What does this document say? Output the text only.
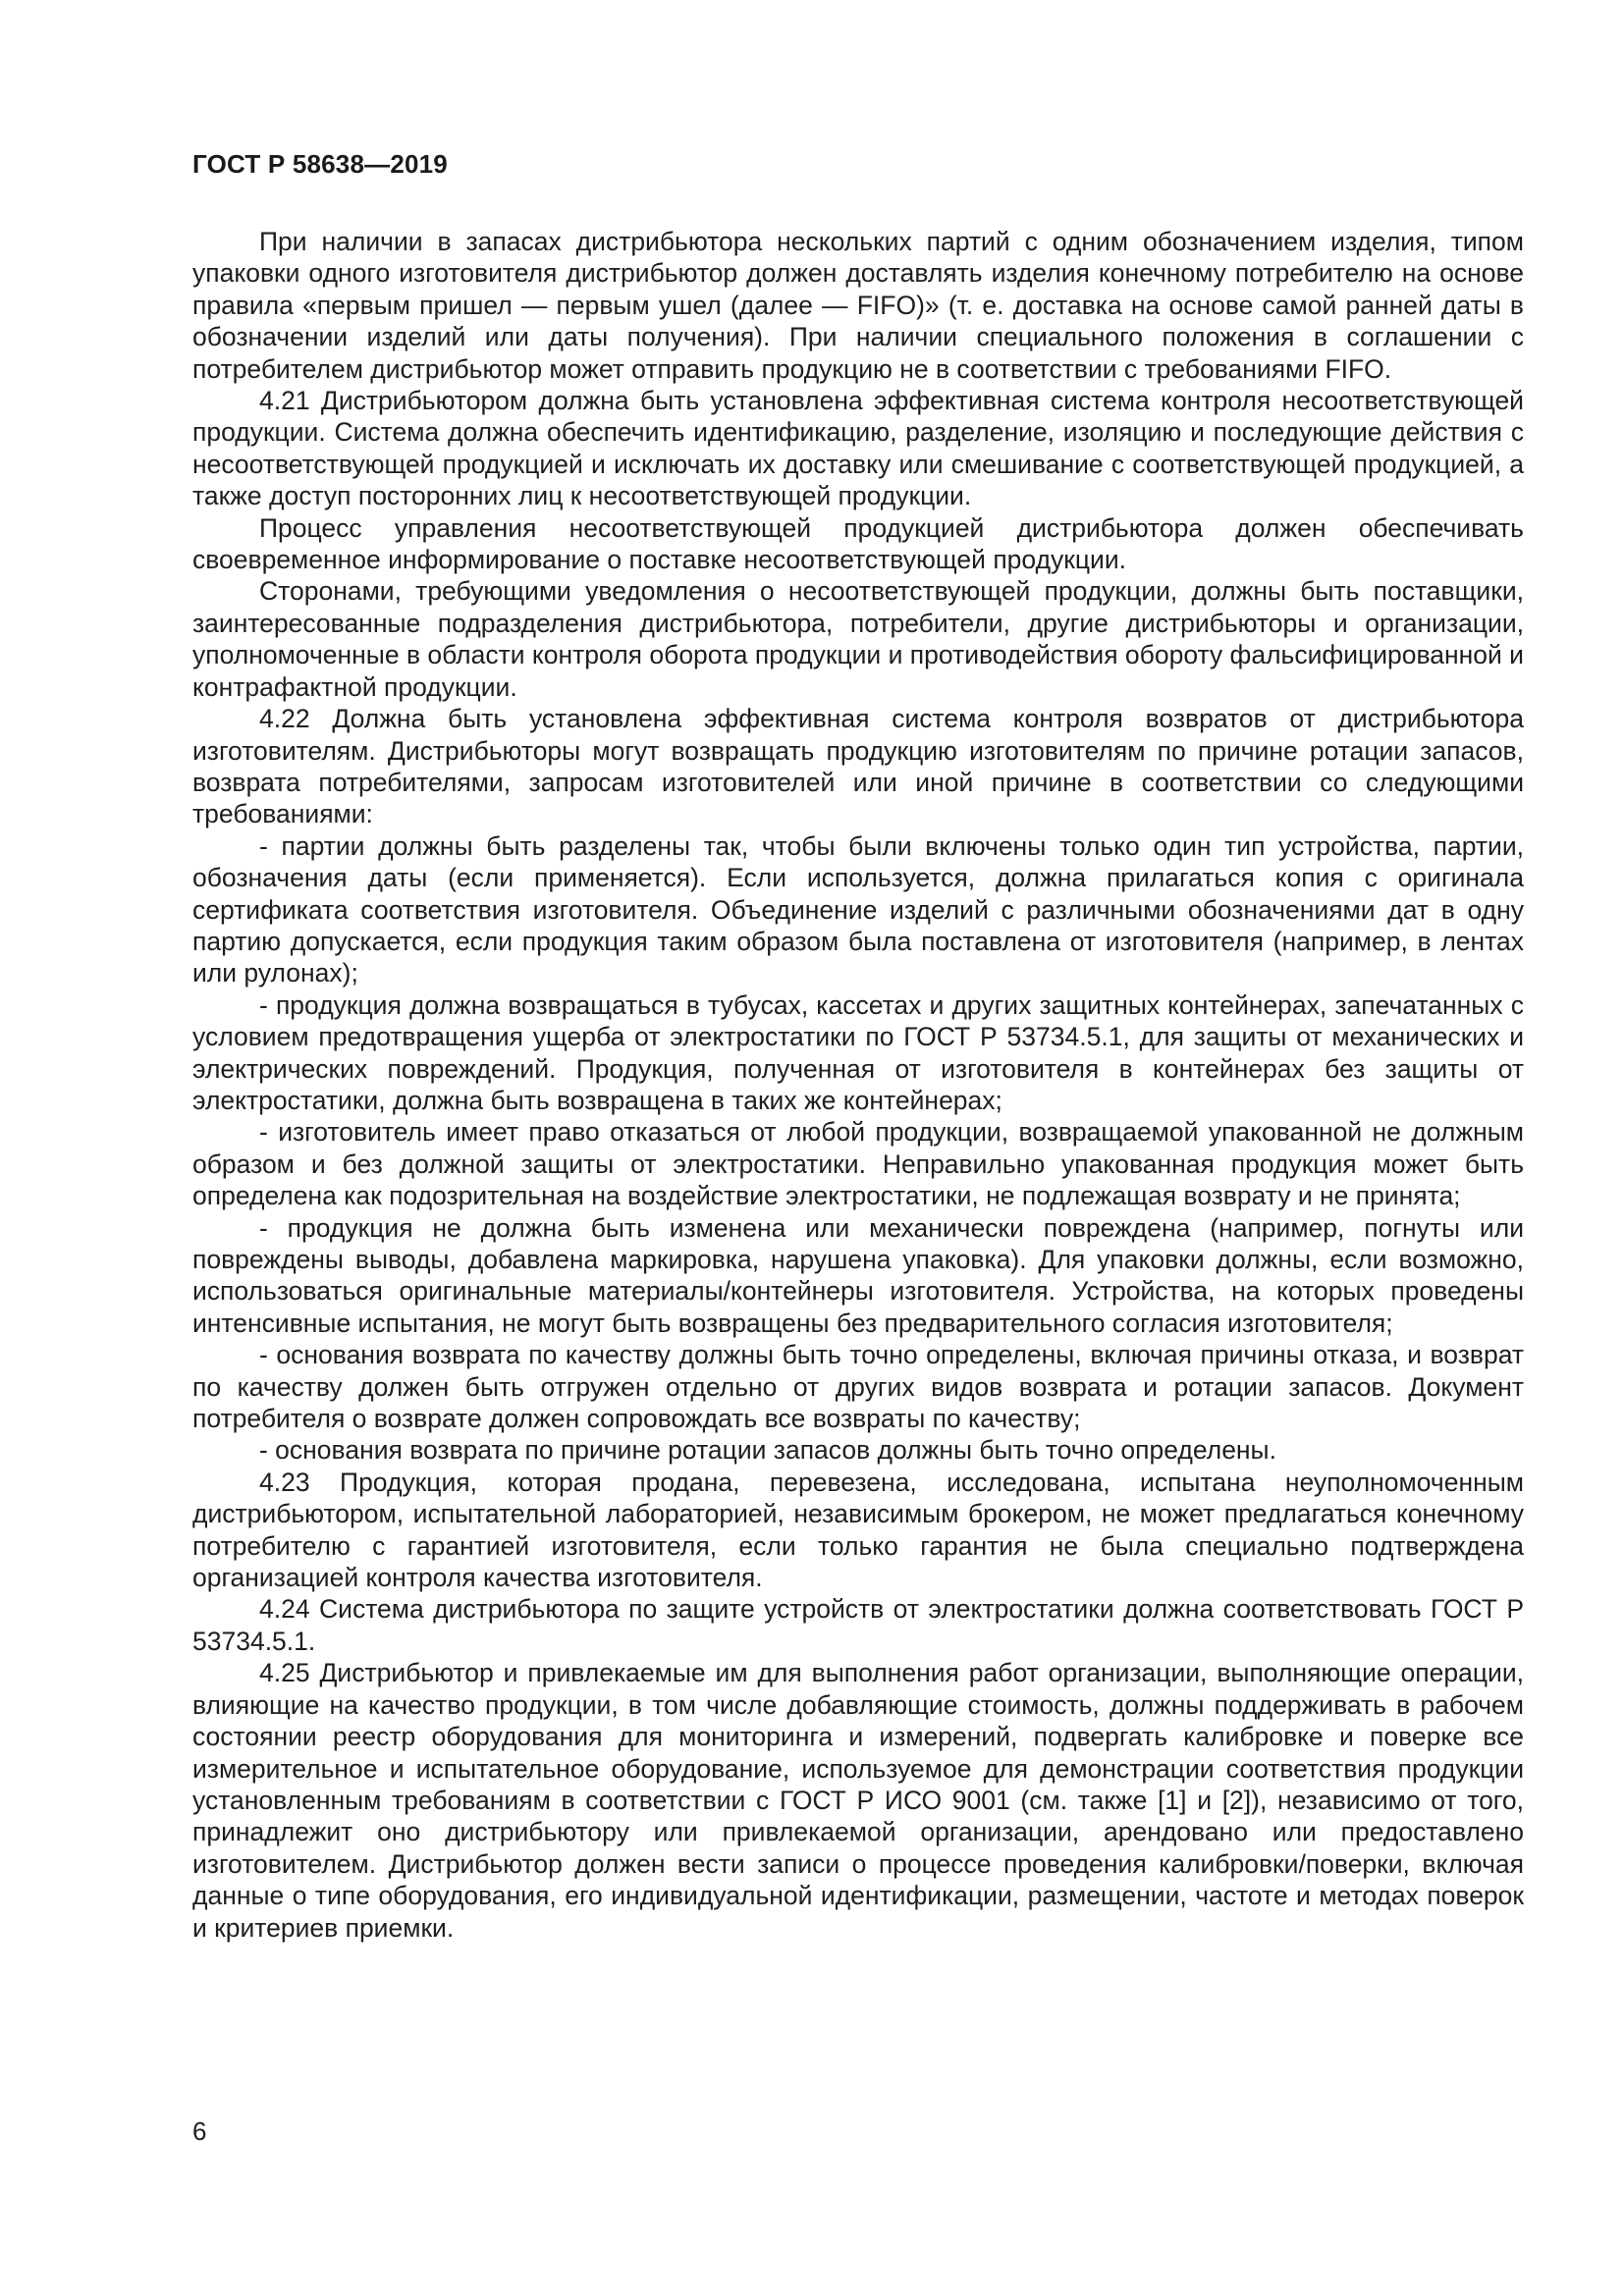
ГОСТ Р 58638—2019

При наличии в запасах дистрибьютора нескольких партий с одним обозначением изделия, типом упаковки одного изготовителя дистрибьютор должен доставлять изделия конечному потребителю на основе правила «первым пришел — первым ушел (далее — FIFO)» (т. е. доставка на основе самой ранней даты в обозначении изделий или даты получения). При наличии специального положения в соглашении с потребителем дистрибьютор может отправить продукцию не в соответствии с требованиями FIFO.

4.21 Дистрибьютором должна быть установлена эффективная система контроля несоответствующей продукции. Система должна обеспечить идентификацию, разделение, изоляцию и последующие действия с несоответствующей продукцией и исключать их доставку или смешивание с соответствующей продукцией, а также доступ посторонних лиц к несоответствующей продукции.

Процесс управления несоответствующей продукцией дистрибьютора должен обеспечивать своевременное информирование о поставке несоответствующей продукции.

Сторонами, требующими уведомления о несоответствующей продукции, должны быть поставщики, заинтересованные подразделения дистрибьютора, потребители, другие дистрибьюторы и организации, уполномоченные в области контроля оборота продукции и противодействия обороту фальсифицированной и контрафактной продукции.

4.22 Должна быть установлена эффективная система контроля возвратов от дистрибьютора изготовителям. Дистрибьюторы могут возвращать продукцию изготовителям по причине ротации запасов, возврата потребителями, запросам изготовителей или иной причине в соответствии со следующими требованиями:

- партии должны быть разделены так, чтобы были включены только один тип устройства, партии, обозначения даты (если применяется). Если используется, должна прилагаться копия с оригинала сертификата соответствия изготовителя. Объединение изделий с различными обозначениями дат в одну партию допускается, если продукция таким образом была поставлена от изготовителя (например, в лентах или рулонах);

- продукция должна возвращаться в тубусах, кассетах и других защитных контейнерах, запечатанных с условием предотвращения ущерба от электростатики по ГОСТ Р 53734.5.1, для защиты от механических и электрических повреждений. Продукция, полученная от изготовителя в контейнерах без защиты от электростатики, должна быть возвращена в таких же контейнерах;

- изготовитель имеет право отказаться от любой продукции, возвращаемой упакованной не должным образом и без должной защиты от электростатики. Неправильно упакованная продукция может быть определена как подозрительная на воздействие электростатики, не подлежащая возврату и не принята;

- продукция не должна быть изменена или механически повреждена (например, погнуты или повреждены выводы, добавлена маркировка, нарушена упаковка). Для упаковки должны, если возможно, использоваться оригинальные материалы/контейнеры изготовителя. Устройства, на которых проведены интенсивные испытания, не могут быть возвращены без предварительного согласия изготовителя;

- основания возврата по качеству должны быть точно определены, включая причины отказа, и возврат по качеству должен быть отгружен отдельно от других видов возврата и ротации запасов. Документ потребителя о возврате должен сопровождать все возвраты по качеству;

- основания возврата по причине ротации запасов должны быть точно определены.

4.23 Продукция, которая продана, перевезена, исследована, испытана неуполномоченным дистрибьютором, испытательной лабораторией, независимым брокером, не может предлагаться конечному потребителю с гарантией изготовителя, если только гарантия не была специально подтверждена организацией контроля качества изготовителя.

4.24 Система дистрибьютора по защите устройств от электростатики должна соответствовать ГОСТ Р 53734.5.1.

4.25 Дистрибьютор и привлекаемые им для выполнения работ организации, выполняющие операции, влияющие на качество продукции, в том числе добавляющие стоимость, должны поддерживать в рабочем состоянии реестр оборудования для мониторинга и измерений, подвергать калибровке и поверке все измерительное и испытательное оборудование, используемое для демонстрации соответствия продукции установленным требованиям в соответствии с ГОСТ Р ИСО 9001 (см. также [1] и [2]), независимо от того, принадлежит оно дистрибьютору или привлекаемой организации, арендовано или предоставлено изготовителем. Дистрибьютор должен вести записи о процессе проведения калибровки/поверки, включая данные о типе оборудования, его индивидуальной идентификации, размещении, частоте и методах поверок и критериев приемки.

6
